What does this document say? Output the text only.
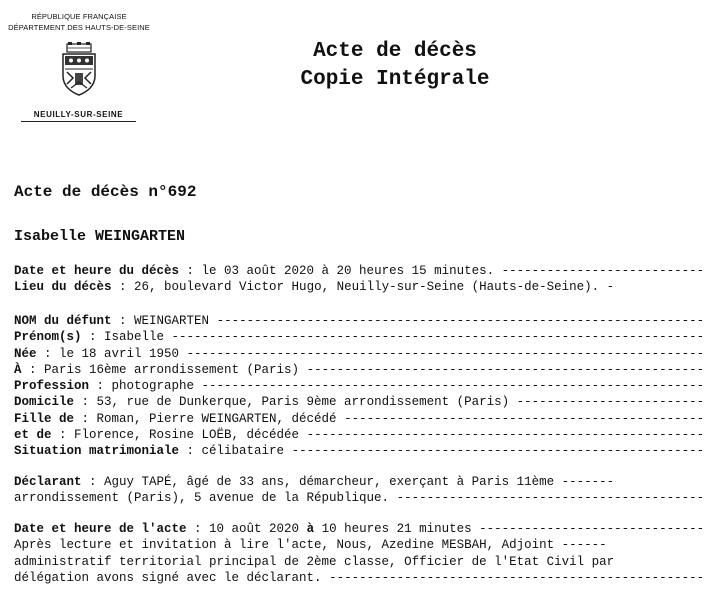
RÉPUBLIQUE FRANÇAISE
DÉPARTEMENT DES HAUTS-DE-SEINE
NEUILLY-SUR-SEINE
Acte de décès
Copie Intégrale
Acte de décès n°692
Isabelle WEINGARTEN
Date et heure du décès : le 03 août 2020 à 20 heures 15 minutes. -----
Lieu du décès : 26, boulevard Victor Hugo, Neuilly-sur-Seine (Hauts-de-Seine). -
NOM du défunt : WEINGARTEN -----
Prénom(s) : Isabelle -----
Née : le 18 avril 1950 -----
À : Paris 16ème arrondissement (Paris) -----
Profession : photographe -----
Domicile : 53, rue de Dunkerque, Paris 9ème arrondissement (Paris) -----
Fille de : Roman, Pierre WEINGARTEN, décédé -----
et de : Florence, Rosine LOËB, décédée -----
Situation matrimoniale : célibataire -----
Déclarant : Aguy TAPÉ, âgé de 33 ans, démarcheur, exerçant à Paris 11ème -------
arrondissement (Paris), 5 avenue de la République. -----
Date et heure de l'acte : 10 août 2020 à 10 heures 21 minutes -----
Après lecture et invitation à lire l'acte, Nous, Azedine MESBAH, Adjoint ------
administratif territorial principal de 2ème classe, Officier de l'Etat Civil par
délégation avons signé avec le déclarant. -----
